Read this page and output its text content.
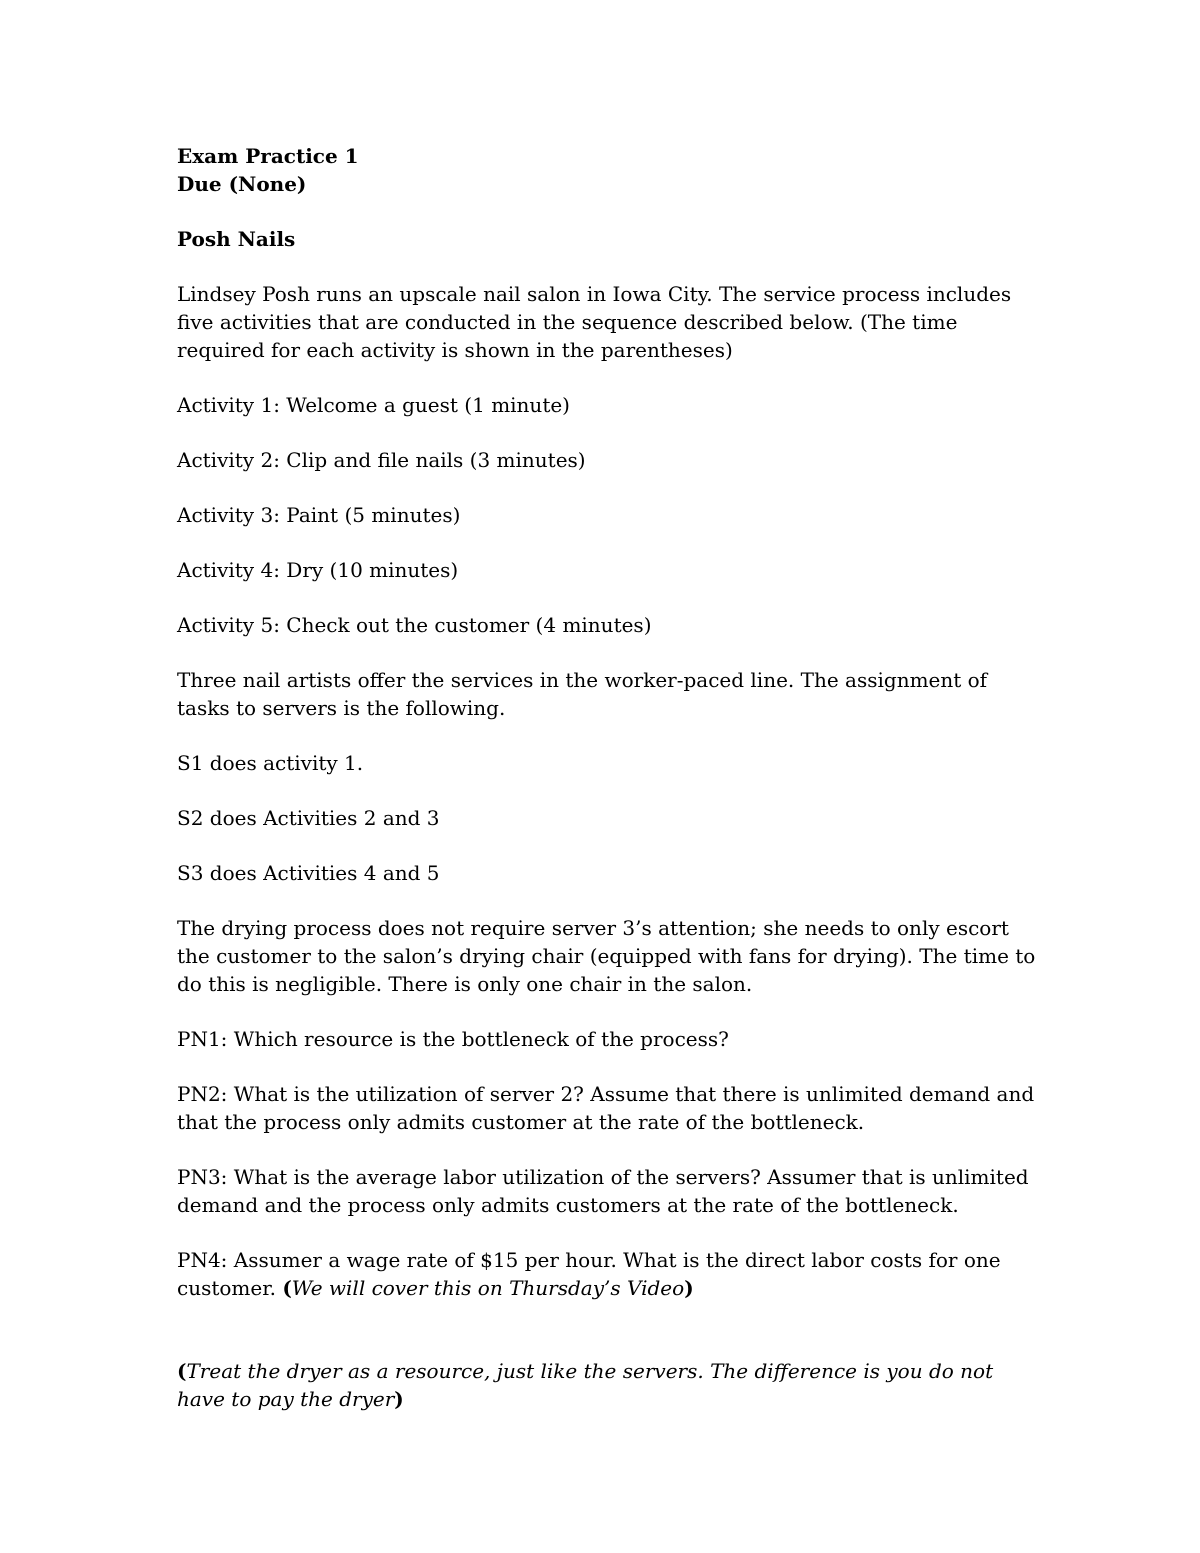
Exam Practice 1

Due (None)

Posh Nails

Lindsey Posh runs an upscale nail salon in Iowa City. The service process includes five activities that are conducted in the sequence described below. (The time required for each activity is shown in the parentheses)

Activity 1: Welcome a guest (1 minute)

Activity 2: Clip and file nails (3 minutes)

Activity 3: Paint (5 minutes)

Activity 4: Dry (10 minutes)

Activity 5: Check out the customer (4 minutes)

Three nail artists offer the services in the worker-paced line. The assignment of tasks to servers is the following.

S1 does activity 1.

S2 does Activities 2 and 3

S3 does Activities 4 and 5

The drying process does not require server 3’s attention; she needs to only escort the customer to the salon’s drying chair (equipped with fans for drying). The time to do this is negligible. There is only one chair in the salon.

PN1: Which resource is the bottleneck of the process?

PN2: What is the utilization of server 2? Assume that there is unlimited demand and that the process only admits customer at the rate of the bottleneck.

PN3: What is the average labor utilization of the servers? Assumer that is unlimited demand and the process only admits customers at the rate of the bottleneck.

PN4: Assumer a wage rate of $15 per hour. What is the direct labor costs for one customer. (We will cover this on Thursday’s Video)

(Treat the dryer as a resource, just like the servers. The difference is you do not have to pay the dryer)
